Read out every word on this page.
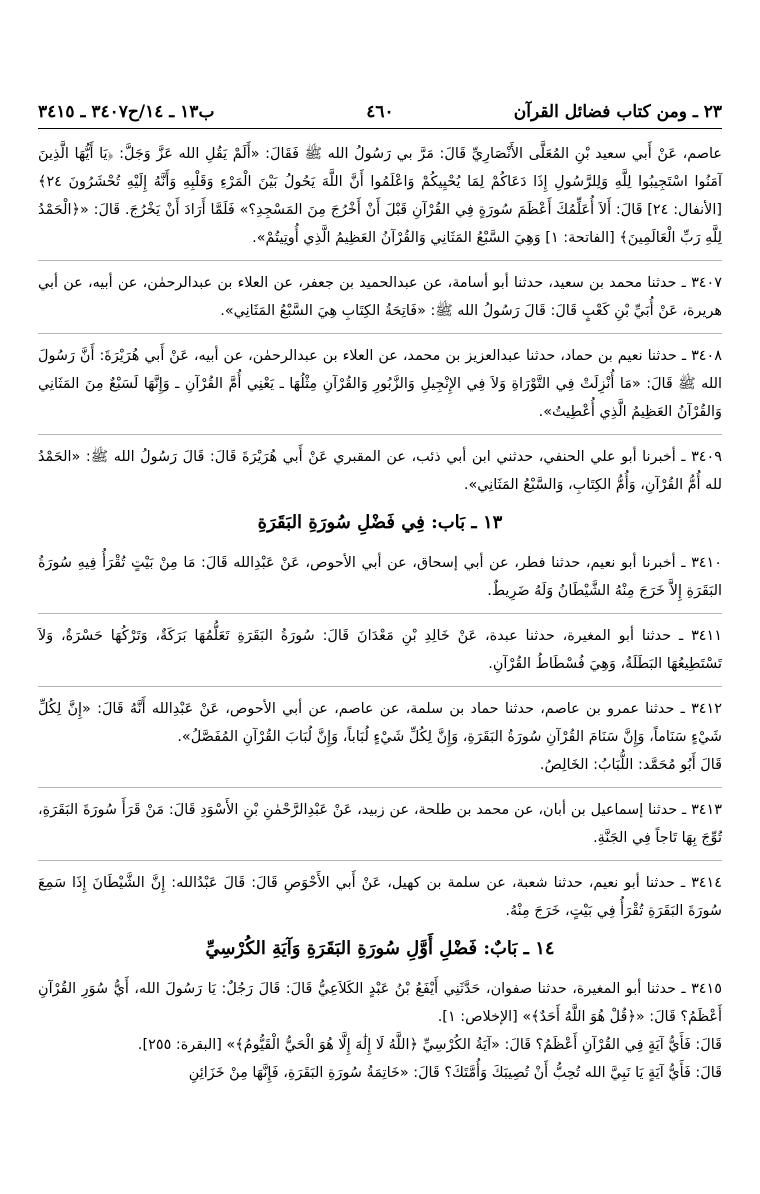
٢٣ ـ ومن كتاب فضائل القرآن
٤٦٠
ب١٣ ـ ١٤/ح٣٤٠٧ ـ ٣٤١٥

عاصم، عَنْ أَبي سعيد بْنِ المُعَلَّى الأَنْصَارِيِّ قَالَ: مَرَّ بي رَسُولُ الله ﷺ فَقَالَ: «أَلَمْ يَقُلِ الله عَزَّ وَجَلَّ: ﴿يَا أَيُّهَا الَّذِينَ آمَنُوا اسْتَجِيبُوا لِلَّهِ وَلِلرَّسُولِ إِذَا دَعَاكُمْ لِمَا يُحْيِيكُمْ وَاعْلَمُوا أَنَّ اللَّهَ يَحُولُ بَيْنَ الْمَرْءِ وَقَلْبِهِ وَأَنَّهُ إِلَيْهِ تُحْشَرُونَ ٢٤﴾ [الأنفال: ٢٤] قَالَ: أَلاَ أُعَلِّمُكَ أَعْظَمَ سُورَةٍ فِي القُرْآنِ قَبْلَ أَنْ أَخْرُجَ مِنَ المَسْجِدِ؟» فَلَمَّا أَرَادَ أَنْ يَخْرُجَ. قَالَ: «﴿الْحَمْدُ لِلَّهِ رَبِّ الْعَالَمِينَ﴾ [الفاتحة: ١] وَهِيَ السَّبْعُ المَثَانِي وَالقُرْآنُ العَظِيمُ الَّذِي أُوتِيتُمْ».

٣٤٠٧ ـ حدثنا محمد بن سعيد، حدثنا أبو أسامة، عن عبدالحميد بن جعفر، عن العلاء بن عبدالرحمٰن، عن أبيه، عن أبي هريرة، عَنْ أُبَيِّ بْنِ كَعْبٍ قَالَ: قَالَ رَسُولُ الله ﷺ: «فَاتِحَةُ الكِتَابِ هِيَ السَّبْعُ المَثَانِي».

٣٤٠٨ ـ حدثنا نعيم بن حماد، حدثنا عبدالعزيز بن محمد، عن العلاء بن عبدالرحمٰن، عن أبيه، عَنْ أَبي هُرَيْرَةَ: أَنَّ رَسُولَ الله ﷺ قَالَ: «مَا أُنْزِلَتْ فِي التَّوْرَاةِ وَلاَ فِي الإِنْجِيلِ وَالزَّبُورِ وَالقُرْآنِ مِثْلُهَا ـ يَعْنِي أُمَّ القُرْآنِ ـ وَإِنَّهَا لَسَبْعٌ مِنَ المَثَانِي وَالقُرْآنُ العَظِيمُ الَّذِي أُعْطِيتُ».

٣٤٠٩ ـ أخبرنا أبو علي الحنفي، حدثني ابن أبي ذئب، عن المقبري عَنْ أَبي هُرَيْرَةَ قَالَ: قَالَ رَسُولُ الله ﷺ: «الحَمْدُ لله أُمُّ القُرْآنِ، وَأُمُّ الكِتَابِ، وَالسَّبْعُ المَثَانِي».

١٣ ـ بَاب: فِي فَضْلِ سُورَةِ البَقَرَةِ

٣٤١٠ ـ أخبرنا أبو نعيم، حدثنا فطر، عن أبي إسحاق، عن أبي الأحوص، عَنْ عَبْدِالله قَالَ: مَا مِنْ بَيْتٍ تُقْرَأُ فِيهِ سُورَةُ البَقَرَةِ إِلاَّ خَرَجَ مِنْهُ الشَّيْطَانُ وَلَهُ ضَرِيطٌ.

٣٤١١ ـ حدثنا أبو المغيرة، حدثنا عبدة، عَنْ خَالِدِ بْنِ مَعْدَانَ قَالَ: سُورَةُ البَقَرَةِ تَعَلُّمُهَا بَرَكَةٌ، وَتَرْكُهَا حَسْرَةٌ، وَلاَ تَسْتَطِيعُهَا البَطَلَةُ، وَهِيَ فُسْطَاطُ القُرْآنِ.

٣٤١٢ ـ حدثنا عمرو بن عاصم، حدثنا حماد بن سلمة، عن عاصم، عن أبي الأحوص، عَنْ عَبْدِالله أَنَّهُ قَالَ: «إِنَّ لِكُلِّ شَيْءٍ سَنَاماً، وَإِنَّ سَنَامَ القُرْآنِ سُورَةُ البَقَرَةِ، وَإِنَّ لِكُلِّ شَيْءٍ لُبَاباً، وَإِنَّ لُبَابَ القُرْآنِ المُفَصَّلُ».

قَالَ أَبُو مُحَمَّد: اللُّبَابُ: الخَالِصُ.

٣٤١٣ ـ حدثنا إسماعيل بن أبان، عن محمد بن طلحة، عن زبيد، عَنْ عَبْدِالرَّحْمٰنِ بْنِ الأَسْوَدِ قَالَ: مَنْ قَرَأَ سُورَةَ البَقَرَةِ، تُوِّجَ بِهَا تَاجاً فِي الجَنَّةِ.

٣٤١٤ ـ حدثنا أبو نعيم، حدثنا شعبة، عن سلمة بن كهيل، عَنْ أَبي الأَحْوَصِ قَالَ: قَالَ عَبْدُالله: إِنَّ الشَّيْطَانَ إِذَا سَمِعَ سُورَةَ البَقَرَةِ تُقْرَأُ فِي بَيْتٍ، خَرَجَ مِنْهُ.

١٤ ـ بَابٌ: فَضْلِ أَوَّلِ سُورَةِ البَقَرَةِ وَآيَةِ الكُرْسِيِّ

٣٤١٥ ـ حدثنا أبو المغيرة، حدثنا صفوان، حَدَّثَنِي أَيْفَعُ بْنُ عَبْدٍ الكَلاَعِيُّ قَالَ: قَالَ رَجُلٌ: يَا رَسُولَ الله، أَيُّ سُوَرِ القُرْآنِ أَعْظَمُ؟ قَالَ: «﴿قُلْ هُوَ اللَّهُ أَحَدٌ﴾» [الإخلاص: ١].

قَالَ: فَأَيُّ آيَةٍ فِي القُرْآنِ أَعْظَمُ؟ قَالَ: «آيَةُ الكُرْسِيِّ ﴿اللَّهُ لَا إِلَٰهَ إِلَّا هُوَ الْحَيُّ الْقَيُّومُ﴾» [البقرة: ٢٥٥].

قَالَ: فَأَيُّ آيَةٍ يَا نَبِيَّ الله تُحِبُّ أَنْ تُصِيبَكَ وَأُمَّتَكَ؟ قَالَ: «خَاتِمَةُ سُورَةِ البَقَرَةِ، فَإِنَّهَا مِنْ خَزَائِنِ
